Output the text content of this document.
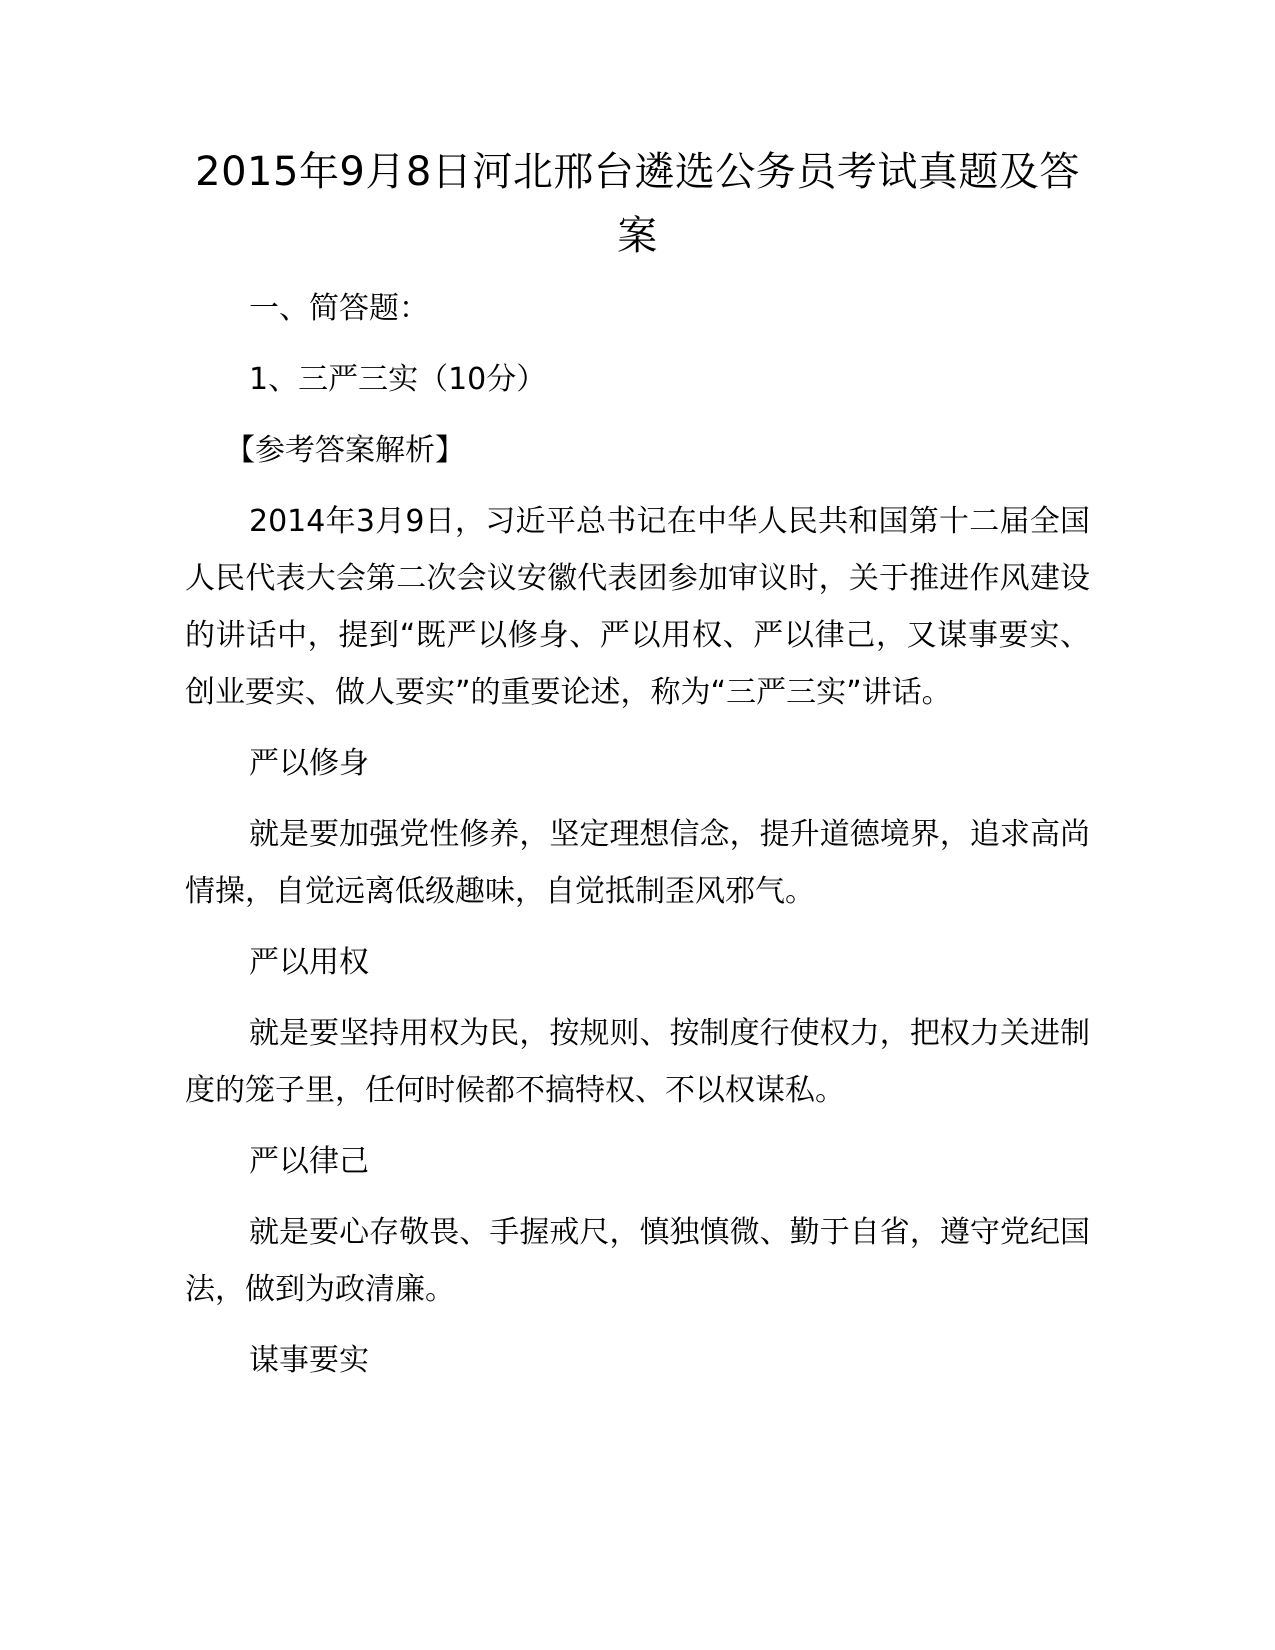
2015年9月8日河北邢台遴选公务员考试真题及答案

一、简答题：

1、三严三实（10分）

【参考答案解析】

2014年3月9日，习近平总书记在中华人民共和国第十二届全国人民代表大会第二次会议安徽代表团参加审议时，关于推进作风建设的讲话中，提到“既严以修身、严以用权、严以律己，又谋事要实、创业要实、做人要实”的重要论述，称为“三严三实”讲话。

严以修身

就是要加强党性修养，坚定理想信念，提升道德境界，追求高尚情操，自觉远离低级趣味，自觉抵制歪风邪气。

严以用权

就是要坚持用权为民，按规则、按制度行使权力，把权力关进制度的笼子里，任何时候都不搞特权、不以权谋私。

严以律己

就是要心存敬畏、手握戒尺，慎独慎微、勤于自省，遵守党纪国法，做到为政清廉。

谋事要实
